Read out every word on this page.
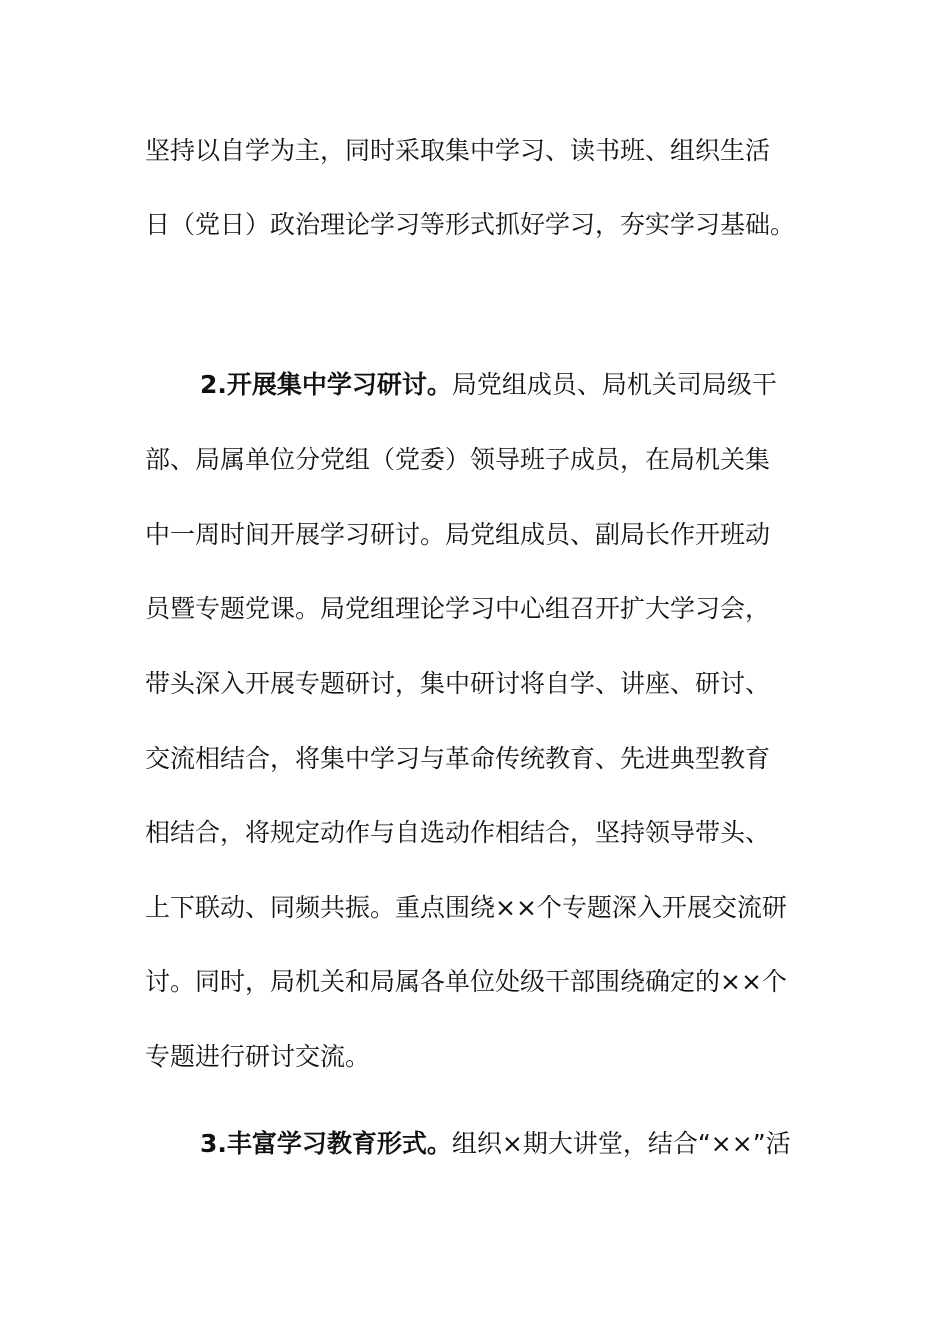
坚持以自学为主，同时采取集中学习、读书班、组织生活
日（党日）政治理论学习等形式抓好学习，夯实学习基础。
2.开展集中学习研讨。局党组成员、局机关司局级干
部、局属单位分党组（党委）领导班子成员，在局机关集
中一周时间开展学习研讨。局党组成员、副局长作开班动
员暨专题党课。局党组理论学习中心组召开扩大学习会，
带头深入开展专题研讨，集中研讨将自学、讲座、研讨、
交流相结合，将集中学习与革命传统教育、先进典型教育
相结合，将规定动作与自选动作相结合，坚持领导带头、
上下联动、同频共振。重点围绕××个专题深入开展交流研
讨。同时，局机关和局属各单位处级干部围绕确定的××个
专题进行研讨交流。
3.丰富学习教育形式。组织×期大讲堂，结合“××”活
